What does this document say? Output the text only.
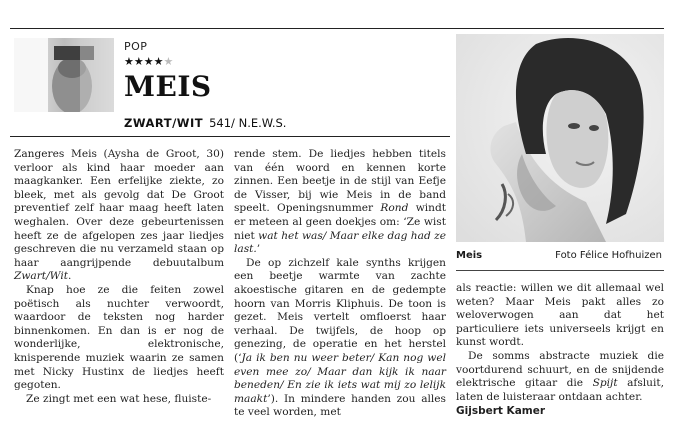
POP
★★★★★
MEIS
ZWART/WIT 541/ N.E.W.S.

Zangeres Meis (Aysha de Groot, 30) verloor als kind haar moeder aan maagkanker. Een erfelijke ziekte, zo bleek, met als gevolg dat De Groot preventief zelf haar maag heeft laten weghalen. Over deze gebeurtenissen heeft ze de afgelopen zes jaar liedjes geschreven die nu verzameld staan op haar aangrijpende debuutalbum Zwart/Wit.

Knap hoe ze die feiten zowel poëtisch als nuchter verwoordt, waardoor de teksten nog harder binnenkomen. En dan is er nog de wonderlijke, elektronische, knisperende muziek waarin ze samen met Nicky Hustinx de liedjes heeft gegoten.

Ze zingt met een wat hese, fluiste-

rende stem. De liedjes hebben titels van één woord en kennen korte zinnen. Een beetje in de stijl van Eefje de Visser, bij wie Meis in de band speelt. Openingsnummer Rond windt er meteen al geen doekjes om: ‘Ze wist niet wat het was/ Maar elke dag had ze last.’

De op zichzelf kale synths krijgen een beetje warmte van zachte akoestische gitaren en de gedempte hoorn van Morris Kliphuis. De toon is gezet. Meis vertelt omfloerst haar verhaal. De twijfels, de hoop op genezing, de operatie en het herstel (‘Ja ik ben nu weer beter/ Kan nog wel even mee zo/ Maar dan kijk ik naar beneden/ En zie ik iets wat mij zo lelijk maakt’). In mindere handen zou alles te veel worden, met

Meis	Foto Félice Hofhuizen

als reactie: willen we dit allemaal wel weten? Maar Meis pakt alles zo weloverwogen aan dat het particuliere iets universeels krijgt en kunst wordt.

De somms abstracte muziek die voortdurend schuurt, en de snijdende elektrische gitaar die Spijt afsluit, laten de luisteraar ontdaan achter.

Gijsbert Kamer
